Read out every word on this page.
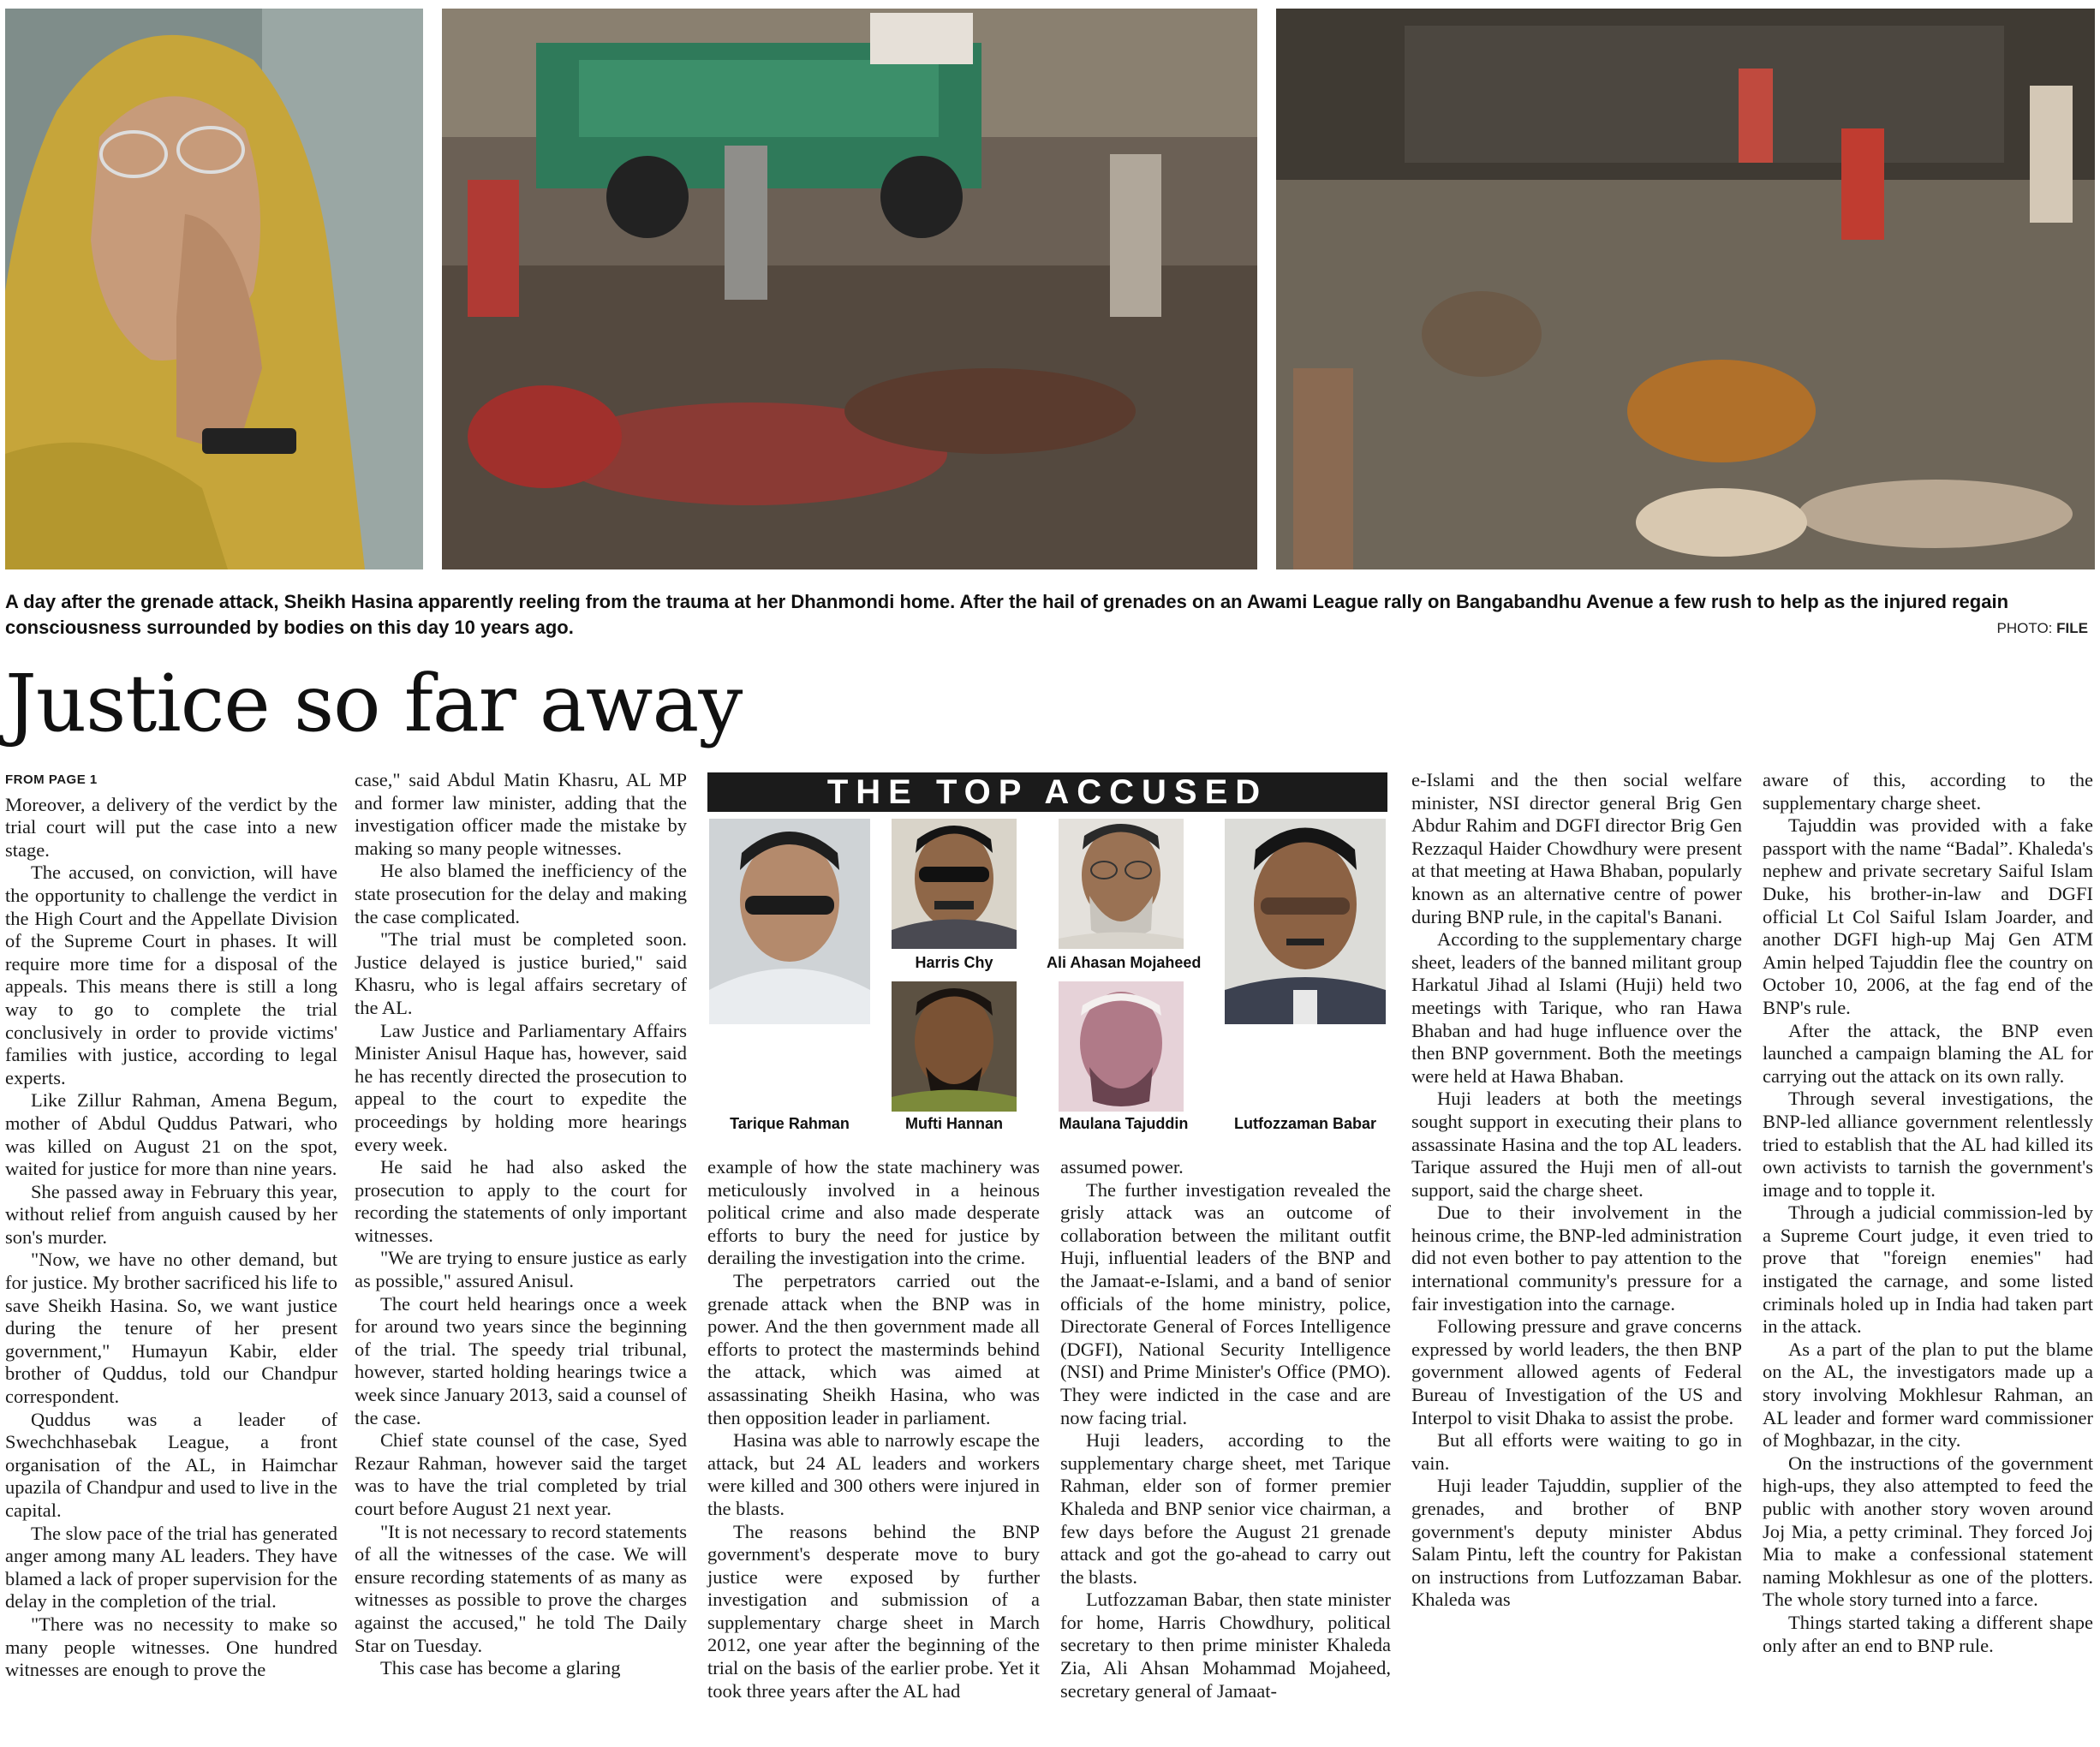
A day after the grenade attack, Sheikh Hasina apparently reeling from the trauma at her Dhanmondi home. After the hail of grenades on an Awami League rally on Bangabandhu Avenue a few rush to help as the injured regain consciousness surrounded by bodies on this day 10 years ago.	PHOTO: FILE
Justice so far away

FROM PAGE 1

Moreover, a delivery of the verdict by the trial court will put the case into a new stage.

The accused, on conviction, will have the opportunity to challenge the verdict in the High Court and the Appellate Division of the Supreme Court in phases. It will require more time for a disposal of the appeals. This means there is still a long way to go to complete the trial conclusively in order to provide victims' families with justice, according to legal experts.

Like Zillur Rahman, Amena Begum, mother of Abdul Quddus Patwari, who was killed on August 21 on the spot, waited for justice for more than nine years.

She passed away in February this year, without relief from anguish caused by her son's murder.

"Now, we have no other demand, but for justice. My brother sacrificed his life to save Sheikh Hasina. So, we want justice during the tenure of her present government," Humayun Kabir, elder brother of Quddus, told our Chandpur correspondent.

Quddus was a leader of Swechchhasebak League, a front organisation of the AL, in Haimchar upazila of Chandpur and used to live in the capital.

The slow pace of the trial has generated anger among many AL leaders. They have blamed a lack of proper supervision for the delay in the completion of the trial.

"There was no necessity to make so many people witnesses. One hundred witnesses are enough to prove the

case," said Abdul Matin Khasru, AL MP and former law minister, adding that the investigation officer made the mistake by making so many people witnesses.

He also blamed the inefficiency of the state prosecution for the delay and making the case complicated.

"The trial must be completed soon. Justice delayed is justice buried," said Khasru, who is legal affairs secretary of the AL.

Law Justice and Parliamentary Affairs Minister Anisul Haque has, however, said he has recently directed the prosecution to appeal to the court to expedite the proceedings by holding more hearings every week.

He said he had also asked the prosecution to apply to the court for recording the statements of only important witnesses.

"We are trying to ensure justice as early as possible," assured Anisul.

The court held hearings once a week for around two years since the beginning of the trial. The speedy trial tribunal, however, started holding hearings twice a week since January 2013, said a counsel of the case.

Chief state counsel of the case, Syed Rezaur Rahman, however said the target was to have the trial completed by trial court before August 21 next year.

"It is not necessary to record statements of all the witnesses of the case. We will ensure recording statements of as many as witnesses as possible to prove the charges against the accused," he told The Daily Star on Tuesday.

This case has become a glaring

THE TOP ACCUSED
Tarique Rahman
Harris Chy
Mufti Hannan
Ali Ahasan Mojaheed
Maulana Tajuddin	Lutfozzaman Babar

example of how the state machinery was meticulously involved in a heinous political crime and also made desperate efforts to bury the need for justice by derailing the investigation into the crime.

The perpetrators carried out the grenade attack when the BNP was in power. And the then government made all efforts to protect the masterminds behind the attack, which was aimed at assassinating Sheikh Hasina, who was then opposition leader in parliament.

Hasina was able to narrowly escape the attack, but 24 AL leaders and workers were killed and 300 others were injured in the blasts.

The reasons behind the BNP government's desperate move to bury justice were exposed by further investigation and submission of a supplementary charge sheet in March 2012, one year after the beginning of the trial on the basis of the earlier probe. Yet it took three years after the AL had

assumed power.

The further investigation revealed the grisly attack was an outcome of collaboration between the militant outfit Huji, influential leaders of the BNP and the Jamaat-e-Islami, and a band of senior officials of the home ministry, police, Directorate General of Forces Intelligence (DGFI), National Security Intelligence (NSI) and Prime Minister's Office (PMO). They were indicted in the case and are now facing trial.

Huji leaders, according to the supplementary charge sheet, met Tarique Rahman, elder son of former premier Khaleda and BNP senior vice chairman, a few days before the August 21 grenade attack and got the go-ahead to carry out the blasts.

Lutfozzaman Babar, then state minister for home, Harris Chowdhury, political secretary to then prime minister Khaleda Zia, Ali Ahsan Mohammad Mojaheed, secretary general of Jamaat-

e-Islami and the then social welfare minister, NSI director general Brig Gen Abdur Rahim and DGFI director Brig Gen Rezzaqul Haider Chowdhury were present at that meeting at Hawa Bhaban, popularly known as an alternative centre of power during BNP rule, in the capital's Banani.

According to the supplementary charge sheet, leaders of the banned militant group Harkatul Jihad al Islami (Huji) held two meetings with Tarique, who ran Hawa Bhaban and had huge influence over the then BNP government. Both the meetings were held at Hawa Bhaban.

Huji leaders at both the meetings sought support in executing their plans to assassinate Hasina and the top AL leaders. Tarique assured the Huji men of all-out support, said the charge sheet.

Due to their involvement in the heinous crime, the BNP-led administration did not even bother to pay attention to the international community's pressure for a fair investigation into the carnage.

Following pressure and grave concerns expressed by world leaders, the then BNP government allowed agents of Federal Bureau of Investigation of the US and Interpol to visit Dhaka to assist the probe.

But all efforts were waiting to go in vain.

Huji leader Tajuddin, supplier of the grenades, and brother of BNP government's deputy minister Abdus Salam Pintu, left the country for Pakistan on instructions from Lutfozzaman Babar. Khaleda was

aware of this, according to the supplementary charge sheet.

Tajuddin was provided with a fake passport with the name “Badal”. Khaleda's nephew and private secretary Saiful Islam Duke, his brother-in-law and DGFI official Lt Col Saiful Islam Joarder, and another DGFI high-up Maj Gen ATM Amin helped Tajuddin flee the country on October 10, 2006, at the fag end of the BNP's rule.

After the attack, the BNP even launched a campaign blaming the AL for carrying out the attack on its own rally.

Through several investigations, the BNP-led alliance government relentlessly tried to establish that the AL had killed its own activists to tarnish the government's image and to topple it.

Through a judicial commission-led by a Supreme Court judge, it even tried to prove that "foreign enemies" had instigated the carnage, and some listed criminals holed up in India had taken part in the attack.

As a part of the plan to put the blame on the AL, the investigators made up a story involving Mokhlesur Rahman, an AL leader and former ward commissioner of Moghbazar, in the city.

On the instructions of the government high-ups, they also attempted to feed the public with another story woven around Joj Mia, a petty criminal. They forced Joj Mia to make a confessional statement naming Mokhlesur as one of the plotters. The whole story turned into a farce.

Things started taking a different shape only after an end to BNP rule.
